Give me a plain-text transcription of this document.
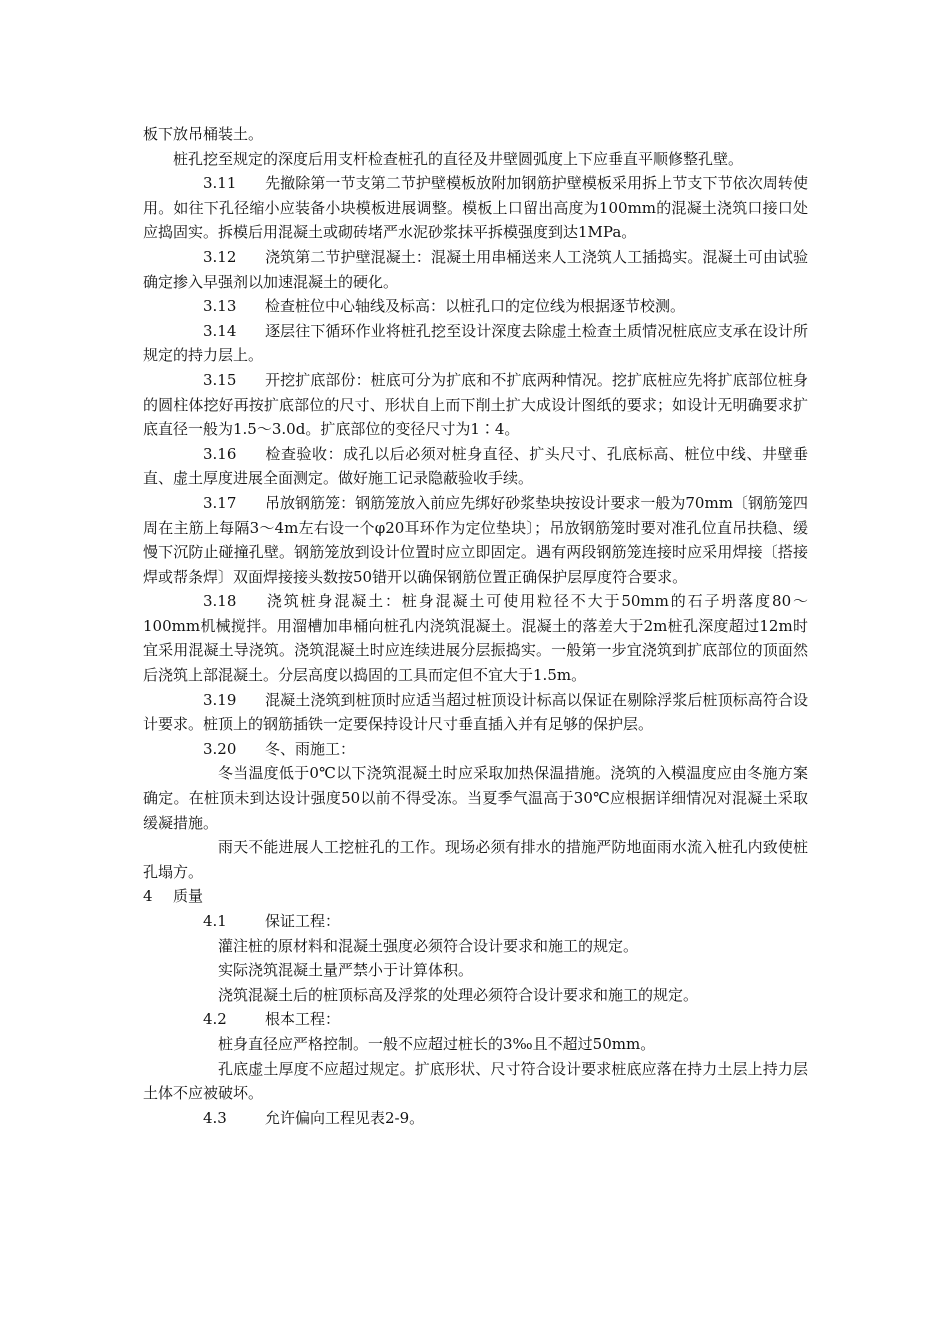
板下放吊桶装土。

桩孔挖至规定的深度后用支杆检查桩孔的直径及井壁圆弧度上下应垂直平顺修整孔壁。

3.11 先撤除第一节支第二节护壁模板放附加钢筋护壁模板采用拆上节支下节依次周转使用。如往下孔径缩小应装备小块模板进展调整。模板上口留出高度为100mm的混凝土浇筑口接口处应捣固实。拆模后用混凝土或砌砖堵严水泥砂浆抹平拆模强度到达1MPa。

3.12 浇筑第二节护壁混凝土：混凝土用串桶送来人工浇筑人工插捣实。混凝土可由试验确定掺入早强剂以加速混凝土的硬化。

3.13 检查桩位中心轴线及标高：以桩孔口的定位线为根据逐节校测。

3.14 逐层往下循环作业将桩孔挖至设计深度去除虚土检查土质情况桩底应支承在设计所规定的持力层上。

3.15 开挖扩底部份：桩底可分为扩底和不扩底两种情况。挖扩底桩应先将扩底部位桩身的圆柱体挖好再按扩底部位的尺寸、形状自上而下削土扩大成设计图纸的要求；如设计无明确要求扩底直径一般为1.5～3.0d。扩底部位的变径尺寸为1∶4。

3.16 检查验收：成孔以后必须对桩身直径、扩头尺寸、孔底标高、桩位中线、井壁垂直、虚土厚度进展全面测定。做好施工记录隐蔽验收手续。

3.17 吊放钢筋笼：钢筋笼放入前应先绑好砂浆垫块按设计要求一般为70mm〔钢筋笼四周在主筋上每隔3～4m左右设一个φ20耳环作为定位垫块〕；吊放钢筋笼时要对准孔位直吊扶稳、缓慢下沉防止碰撞孔壁。钢筋笼放到设计位置时应立即固定。遇有两段钢筋笼连接时应采用焊接〔搭接焊或帮条焊〕双面焊接接头数按50错开以确保钢筋位置正确保护层厚度符合要求。

3.18 浇筑桩身混凝土：桩身混凝土可使用粒径不大于50mm的石子坍落度80～100mm机械搅拌。用溜槽加串桶向桩孔内浇筑混凝土。混凝土的落差大于2m桩孔深度超过12m时宜采用混凝土导浇筑。浇筑混凝土时应连续进展分层振捣实。一般第一步宜浇筑到扩底部位的顶面然后浇筑上部混凝土。分层高度以捣固的工具而定但不宜大于1.5m。

3.19 混凝土浇筑到桩顶时应适当超过桩顶设计标高以保证在剔除浮浆后桩顶标高符合设计要求。桩顶上的钢筋插铁一定要保持设计尺寸垂直插入并有足够的保护层。

3.20 冬、雨施工：

冬当温度低于0℃以下浇筑混凝土时应采取加热保温措施。浇筑的入模温度应由冬施方案确定。在桩顶未到达设计强度50以前不得受冻。当夏季气温高于30℃应根据详细情况对混凝土采取缓凝措施。

雨天不能进展人工挖桩孔的工作。现场必须有排水的措施严防地面雨水流入桩孔内致使桩孔塌方。

4 质量

4.1	保证工程：

灌注桩的原材料和混凝土强度必须符合设计要求和施工的规定。

实际浇筑混凝土量严禁小于计算体积。

浇筑混凝土后的桩顶标高及浮浆的处理必须符合设计要求和施工的规定。

4.2	根本工程：

桩身直径应严格控制。一般不应超过桩长的3‰且不超过50mm。

孔底虚土厚度不应超过规定。扩底形状、尺寸符合设计要求桩底应落在持力土层上持力层土体不应被破坏。

4.3	允许偏向工程见表2-9。
